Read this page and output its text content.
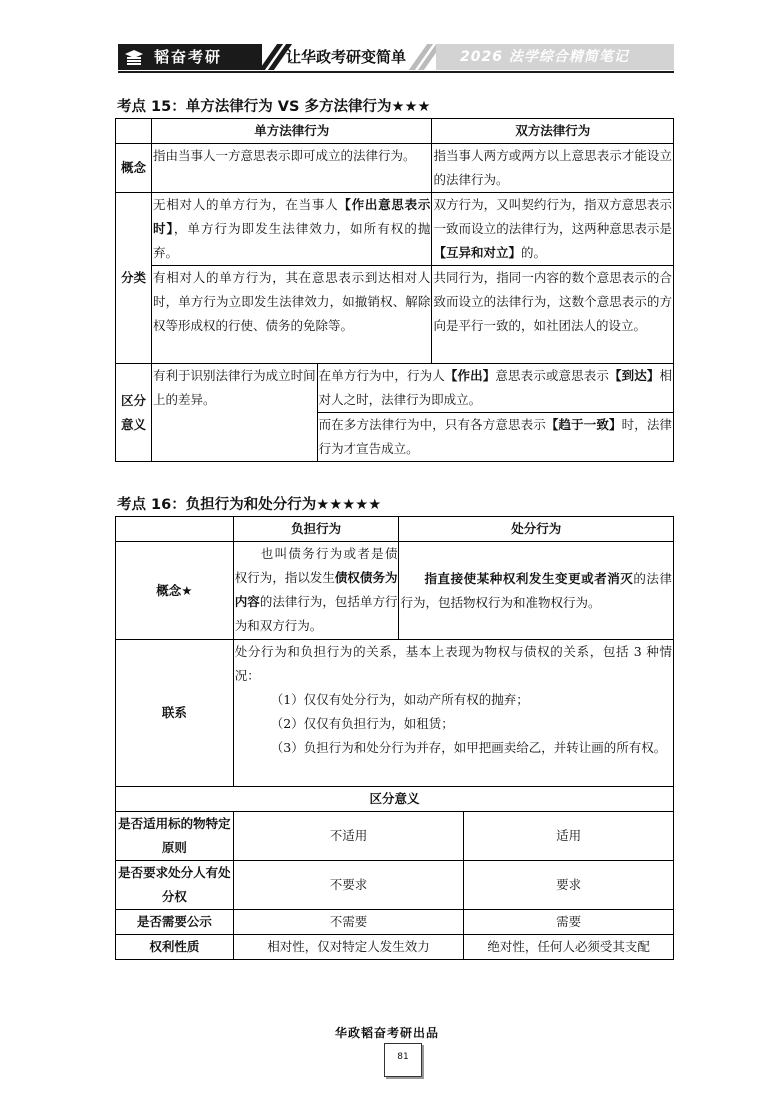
韬奋考研	让华政考研变简单	2026 法学综合精简笔记
考点 15：单方法律行为 VS 多方法律行为★★★
	单方法律行为		双方法律行为
概念	指由当事人一方意思表示即可成立的法律行为。		指当事人两方或两方以上意思表示才能设立的法律行为。
分类	无相对人的单方行为，在当事人【作出意思表示时】，单方行为即发生法律效力，如所有权的抛弃。		双方行为，又叫契约行为，指双方意思表示一致而设立的法律行为，这两种意思表示是【互异和对立】的。
	有相对人的单方行为，其在意思表示到达相对人时，单方行为立即发生法律效力，如撤销权、解除权等形成权的行使、债务的免除等。		共同行为，指同一内容的数个意思表示的合致而设立的法律行为，这数个意思表示的方向是平行一致的，如社团法人的设立。
区分意义	有利于识别法律行为成立时间上的差异。	在单方行为中，行为人【作出】意思表示或意思表示【到达】相对人之时，法律行为即成立。	
		而在多方法律行为中，只有各方意思表示【趋于一致】时，法律行为才宣告成立。	
考点 16：负担行为和处分行为★★★★★
	负担行为	处分行为	
概念★	也叫债务行为或者是债权行为，指以发生债权债务为内容的法律行为，包括单方行为和双方行为。	指直接使某种权利发生变更或者消灭的法律行为，包括物权行为和准物权行为。	
联系	处分行为和负担行为的关系，基本上表现为物权与债权的关系，包括 3 种情况：
（1）仅仅有处分行为，如动产所有权的抛弃；
（2）仅仅有负担行为，如租赁；
（3）负担行为和处分行为并存，如甲把画卖给乙，并转让画的所有权。		

区分意义			
是否适用标的物特定原则	不适用		适用
是否要求处分人有处分权	不要求		要求
是否需要公示	不需要		需要
权利性质	相对性，仅对特定人发生效力		绝对性，任何人必须受其支配
华政韬奋考研出品
81
